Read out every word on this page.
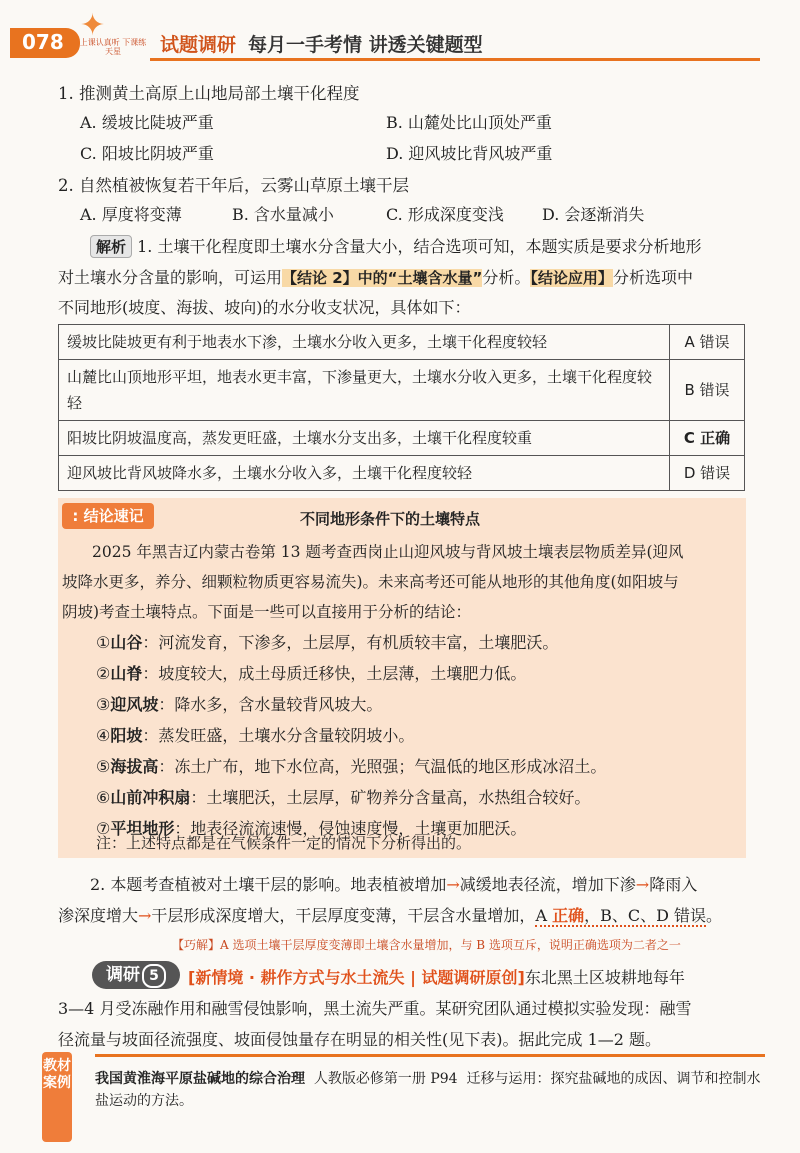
078 ✦
上课认真听 下课练天星	试题调研 每月一手考情 讲透关键题型
1. 推测黄土高原上山地局部土壤干化程度
A. 缓坡比陡坡严重	B. 山麓处比山顶处严重
C. 阳坡比阴坡严重	D. 迎风坡比背风坡严重
2. 自然植被恢复若干年后，云雾山草原土壤干层
A. 厚度将变薄	B. 含水量减小	C. 形成深度变浅 D. 会逐渐消失
解析 1. 土壤干化程度即土壤水分含量大小，结合选项可知，本题实质是要求分析地形
对土壤水分含量的影响，可运用【结论 2】中的“土壤含水量”分析。【结论应用】分析选项中
不同地形(坡度、海拔、坡向)的水分收支状况，具体如下：
缓坡比陡坡更有利于地表水下渗，土壤水分收入更多，土壤干化程度较轻	A 错误
山麓比山顶地形平坦，地表水更丰富，下渗量更大，土壤水分收入更多，土壤干化程度较轻	B 错误
阳坡比阴坡温度高，蒸发更旺盛，土壤水分支出多，土壤干化程度较重	C 正确
迎风坡比背风坡降水多，土壤水分收入多，土壤干化程度较轻	D 错误
: 结论速记	不同地形条件下的土壤特点
2025 年黑吉辽内蒙古卷第 13 题考查西岗止山迎风坡与背风坡土壤表层物质差异(迎风
坡降水更多，养分、细颗粒物质更容易流失)。未来高考还可能从地形的其他角度(如阳坡与
阴坡)考查土壤特点。下面是一些可以直接用于分析的结论：
①山谷：河流发育，下渗多，土层厚，有机质较丰富，土壤肥沃。
②山脊：坡度较大，成土母质迁移快，土层薄，土壤肥力低。
③迎风坡：降水多，含水量较背风坡大。
④阳坡：蒸发旺盛，土壤水分含量较阴坡小。
⑤海拔高：冻土广布，地下水位高，光照强；气温低的地区形成冰沼土。
⑥山前冲积扇：土壤肥沃，土层厚，矿物养分含量高，水热组合较好。
⑦平坦地形：地表径流流速慢，侵蚀速度慢，土壤更加肥沃。
注：上述特点都是在气候条件一定的情况下分析得出的。
2. 本题考查植被对土壤干层的影响。地表植被增加→减缓地表径流，增加下渗→降雨入
渗深度增大→干层形成深度增大，干层厚度变薄，干层含水量增加，A 正确，B、C、D 错误。
【巧解】A 选项土壤干层厚度变薄即土壤含水量增加，与 B 选项互斥，说明正确选项为二者之一
调研 5	[新情境 · 耕作方式与水土流失 | 试题调研原创]东北黑土区坡耕地每年
3—4 月受冻融作用和融雪侵蚀影响，黑土流失严重。某研究团队通过模拟实验发现：融雪
径流量与坡面径流强度、坡面侵蚀量存在明显的相关性(见下表)。据此完成 1—2 题。
教材案例 我国黄淮海平原盐碱地的综合治理 人教版必修第一册 P94 迁移与运用：探究盐碱地的成因、调节和控制水盐运动的方法。
